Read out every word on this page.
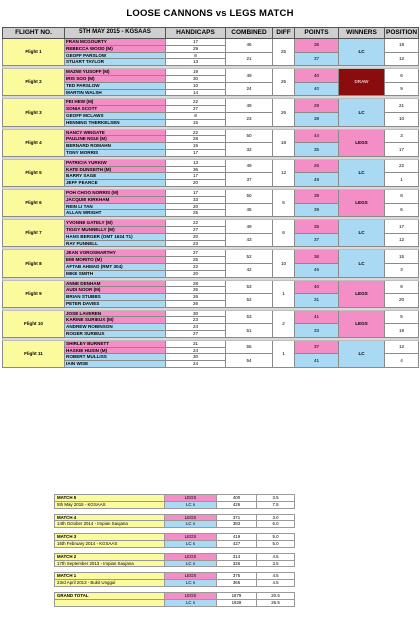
LOOSE CANNONS vs LEGS MATCH
FLIGHT NO.	5TH MAY 2015 - KGSAAS	HANDICAPS	COMBINED	DIFF	POINTS	WINNERS	POSITION
Flight 1	FRAN MCGOURTY	17	46	25	36	LC	19
	REBECCA WOOD (M)	29					
	GEOFF PARSLOW	8	21		37		12
	STUART TAYLOR	13					

Flight 2	MAZWI YUSOFF (M)	19	49	25	40	DRAW	6
	IRIS SOO (M)	30					
	TED PARSLOW	10	24		40		9
	MARTIN WALSH	14					

Flight 3	FEI HEW (M)	22	49	26	29	LC	21
	SONIA SCOTT	27					
	GEOFF MCLAWS	8	23		38		10
	HENNING THERKELSEN	15					

Flight 4	NANCY WINGATE	22	50	18	44	LEGS	3
	PAULINE NGUI (M)	28					
	BERNARD ROMAHN	15	32		35		17
	TONY MORRIS	17					

Flight 5	PATRICIA YURKIW	13	49	12	26	LC	22
	KATE DUNSEITH (M)	36					
	BARRY SAGE	17	37		48		1
	JEFF PEARCE	20					

Flight 6	POH CHOO NORRIS (M)	17	50	5	39	LEGS	8
	JACQUIE KIRKHAM	33					
	REIN LI TAN	20	45		39		6
	ALLAN WRIGHT	25					

Flight 7	YVONNE GATELY (M)	22	49	6	35	LC	17
	TIGGY MUNNELLY (M)	27					
	HANS BERGER (OMT 1624 T1)	20	43		37		12
	RAY FUNNELL	23					

Flight 8	JEAN VOROSMARTHY	27	52	10	36	LC	15
	EMI MORITO (M)	25					
	AFTAB AHMAD (RMT 304)	22	42		46		3
	MIKE SMITH	20					

Flight 9	ANNE DENHAM	28	53	1	40	LEGS	6
	AUDI NOOR (M)	25					
	BRIAN STUBBS	26	52		31		20
	PETER DAVIES	26					

Flight 10	JOSE LAVEREN	30	53	2	41	LEGS	5
	KARINE SURIEUX (M)	23					
	ANDREW ROBINSON	24	51		33		19
	ROGER SURIEUX	27					

Flight 11	SHIRLEY BURNETT	31	55	1	37	LC	12
	HASKIE HUSIN (M)	24					
	ROBERT MULLISS	30	54		41		4
	IAIN WISE	24					
MATCH 5	LEGS	400	3.5
5th May 2015 - KGSAAS	LC s	426	7.5

MATCH 4	LEGS	371	3.0
14th October 2014 - Impian Saujana	LC s	383	6.0

MATCH 3	LEGS	419	5.0
16th February 2014 - KGSAAS	LC s	427	5.0

MATCH 2	LEGS	314	4.5
17th September 2013 - Impian Saujana	LC s	326	3.5

MATCH 1	LEGS	375	4.5
23rd April 2013 - Bukit Unggul	LC s	366	4.5

GRAND TOTAL	LEGS	1879	20.5
	LC s	1928	26.5
